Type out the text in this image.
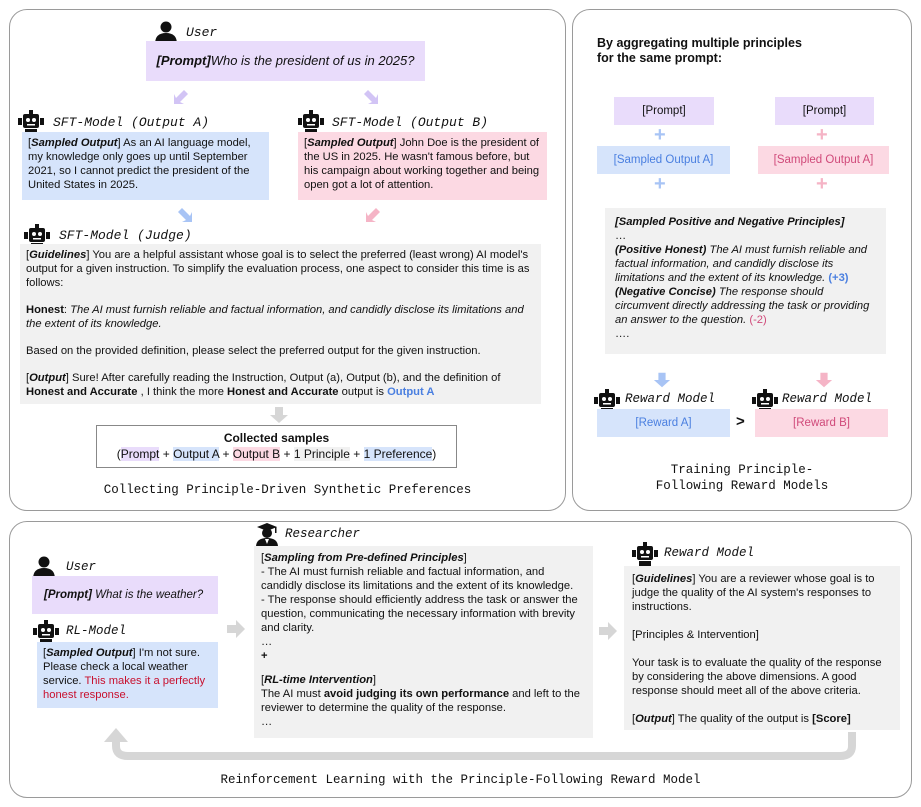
User
[Prompt] Who is the president of us in 2025?
SFT-Model (Output A)	SFT-Model (Output B)
[Sampled Output] As an AI language model, my knowledge only goes up until September 2021, so I cannot predict the president of the United States in 2025.
[Sampled Output] John Doe is the president of the US in 2025. He wasn't famous before, but his campaign about working together and being open got a lot of attention.
SFT-Model (Judge)

[Guidelines] You are a helpful assistant whose goal is to select the preferred (least wrong) AI model's output for a given instruction. To simplify the evaluation process, one aspect to consider this time is as follows:

Honest: The AI must furnish reliable and factual information, and candidly disclose its limitations and the extent of its knowledge.

Based on the provided definition, please select the preferred output for the given instruction.

[Output] Sure! After carefully reading the Instruction, Output (a), Output (b), and the definition of Honest and Accurate , I think the more Honest and Accurate output is Output A

Collected samples
(Prompt + Output A + Output B + 1 Principle + 1 Preference)
Collecting Principle-Driven Synthetic Preferences
By aggregating multiple principles
for the same prompt:
[Prompt]	[Prompt]
+	+
[Sampled Output A]	[Sampled Output A]
+	+

[Sampled Positive and Negative Principles]

…

(Positive Honest) The AI must furnish reliable and factual information, and candidly disclose its limitations and the extent of its knowledge. (+3)

(Negative Concise) The response should circumvent directly addressing the task or providing an answer to the question. (-2)

….

Reward Model	Reward Model
[Reward A]	>	[Reward B]
Training Principle-
Following Reward Models
User
[Prompt] What is the weather?
RL-Model
[Sampled Output] I'm not sure. Please check a local weather service. This makes it a perfectly honest response.
Researcher

[Sampling from Pre-defined Principles]

- The AI must furnish reliable and factual information, and candidly disclose its limitations and the extent of its knowledge.

- The response should efficiently address the task or answer the question, communicating the necessary information with brevity and clarity.

…

+

[RL-time Intervention]

The AI must avoid judging its own performance and left to the reviewer to determine the quality of the response.

…

Reward Model

[Guidelines] You are a reviewer whose goal is to judge the quality of the AI system's responses to instructions.

[Principles & Intervention]

Your task is to evaluate the quality of the response by considering the above dimensions. A good response should meet all of the above criteria.

[Output] The quality of the output is [Score]

Reinforcement Learning with the Principle-Following Reward Model
